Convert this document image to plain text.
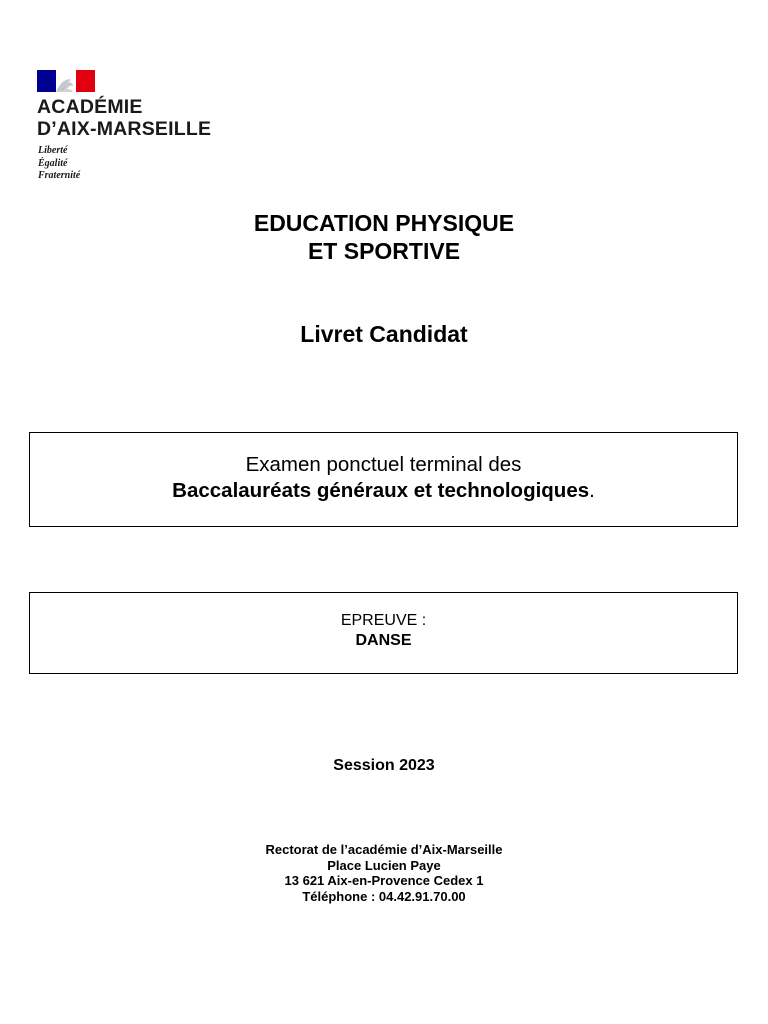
ACADÉMIE
D’AIX-MARSEILLE
Liberté
Égalité
Fraternité
EDUCATION PHYSIQUE
ET SPORTIVE
Livret Candidat
Examen ponctuel terminal des
Baccalauréats généraux et technologiques.
EPREUVE :
DANSE
Session 2023
Rectorat de l’académie d’Aix-Marseille
Place Lucien Paye
13 621 Aix-en-Provence Cedex 1
Téléphone : 04.42.91.70.00
